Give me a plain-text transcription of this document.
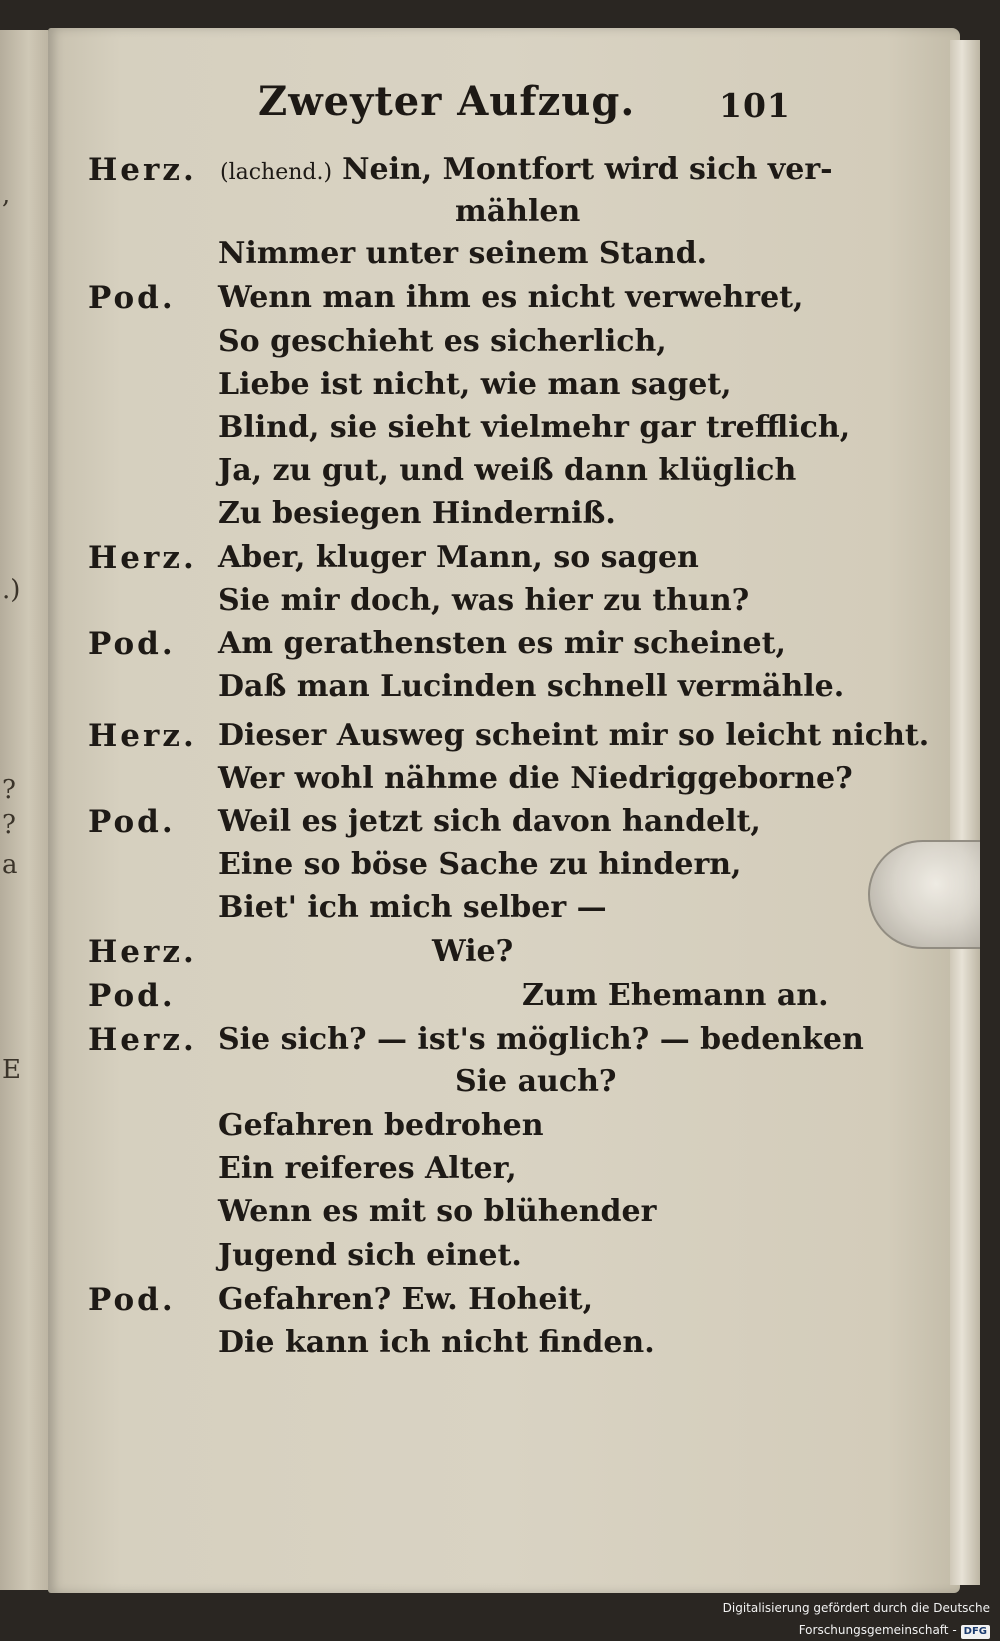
,
.)
?
?
a
E
Zweyter Aufzug.	101
Herz. (lachend.) Nein, Montfort wird sich ver-
mählen
Nimmer unter seinem Stand.
Pod. Wenn man ihm es nicht verwehret,
So geschieht es sicherlich,
Liebe ist nicht, wie man saget,
Blind, sie sieht vielmehr gar trefflich,
Ja, zu gut, und weiß dann klüglich
Zu besiegen Hinderniß.
Herz. Aber, kluger Mann, so sagen
Sie mir doch, was hier zu thun?
Pod. Am gerathensten es mir scheinet,
Daß man Lucinden schnell vermähle.
Herz. Dieser Ausweg scheint mir so leicht nicht.
Wer wohl nähme die Niedriggeborne?
Pod. Weil es jetzt sich davon handelt,
Eine so böse Sache zu hindern,
Biet' ich mich selber —
Herz.	Wie?
Pod.	Zum Ehemann an.
Herz. Sie sich? — ist's möglich? — bedenken
Sie auch?
Gefahren bedrohen
Ein reiferes Alter,
Wenn es mit so blühender
Jugend sich einet.
Pod. Gefahren? Ew. Hoheit,
Die kann ich nicht finden.
Digitalisierung gefördert durch die Deutsche Forschungsgemeinschaft - DFG
